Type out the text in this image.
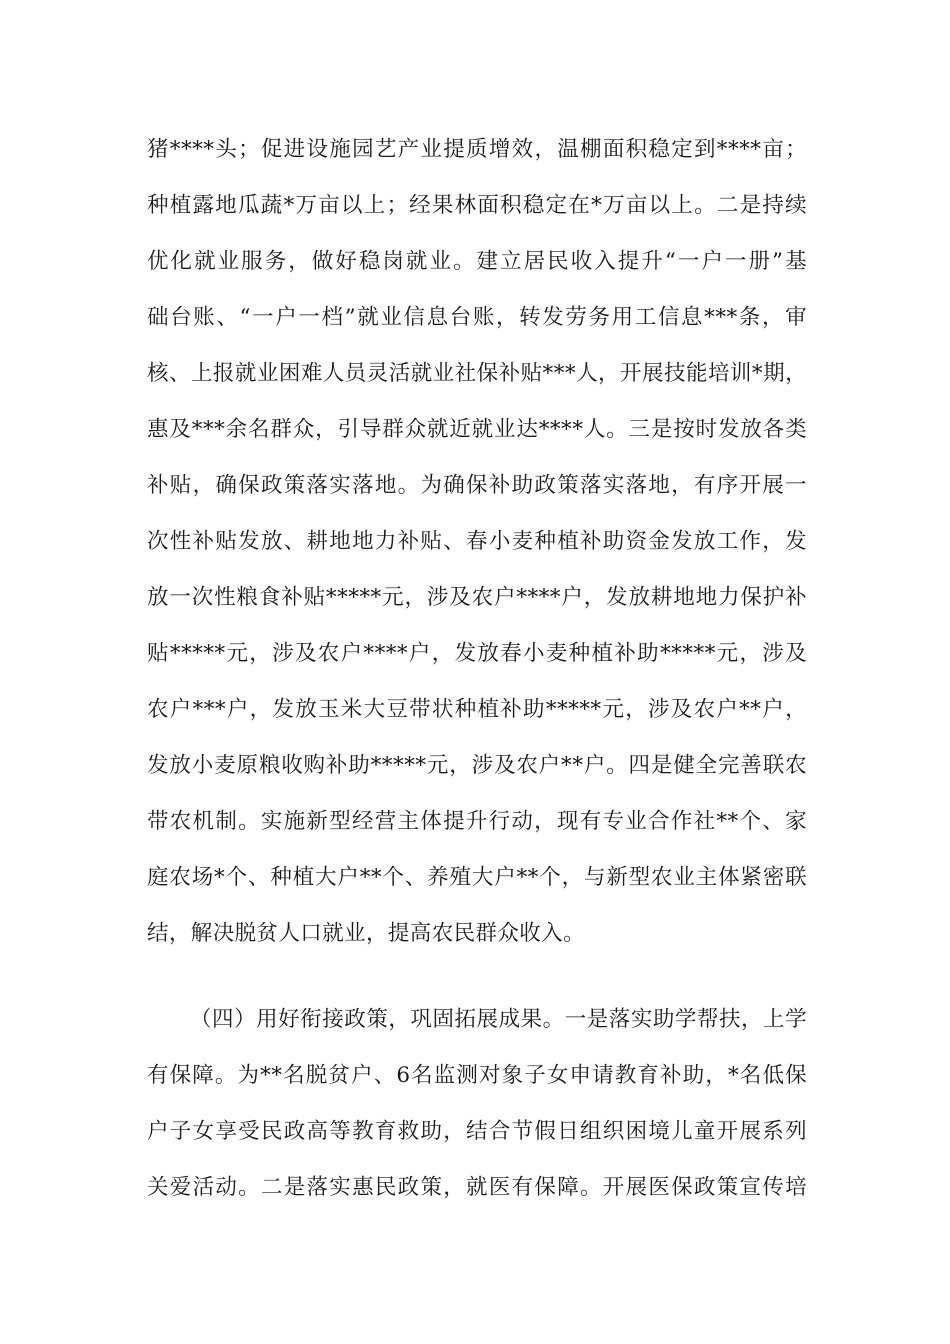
猪****头；促进设施园艺产业提质增效，温棚面积稳定到****亩；
种植露地瓜蔬*万亩以上；经果林面积稳定在*万亩以上。二是持续
优化就业服务，做好稳岗就业。建立居民收入提升“一户一册”基
础台账、“一户一档”就业信息台账，转发劳务用工信息***条，审
核、上报就业困难人员灵活就业社保补贴***人，开展技能培训*期，
惠及***余名群众，引导群众就近就业达****人。三是按时发放各类
补贴，确保政策落实落地。为确保补助政策落实落地，有序开展一
次性补贴发放、耕地地力补贴、春小麦种植补助资金发放工作，发
放一次性粮食补贴*****元，涉及农户****户，发放耕地地力保护补
贴*****元，涉及农户****户，发放春小麦种植补助*****元，涉及
农户***户，发放玉米大豆带状种植补助*****元，涉及农户**户，
发放小麦原粮收购补助*****元，涉及农户**户。四是健全完善联农
带农机制。实施新型经营主体提升行动，现有专业合作社**个、家
庭农场*个、种植大户**个、养殖大户**个，与新型农业主体紧密联
结，解决脱贫人口就业，提高农民群众收入。
（四）用好衔接政策，巩固拓展成果。一是落实助学帮扶，上学
有保障。为**名脱贫户、6名监测对象子女申请教育补助，*名低保
户子女享受民政高等教育救助，结合节假日组织困境儿童开展系列
关爱活动。二是落实惠民政策，就医有保障。开展医保政策宣传培
